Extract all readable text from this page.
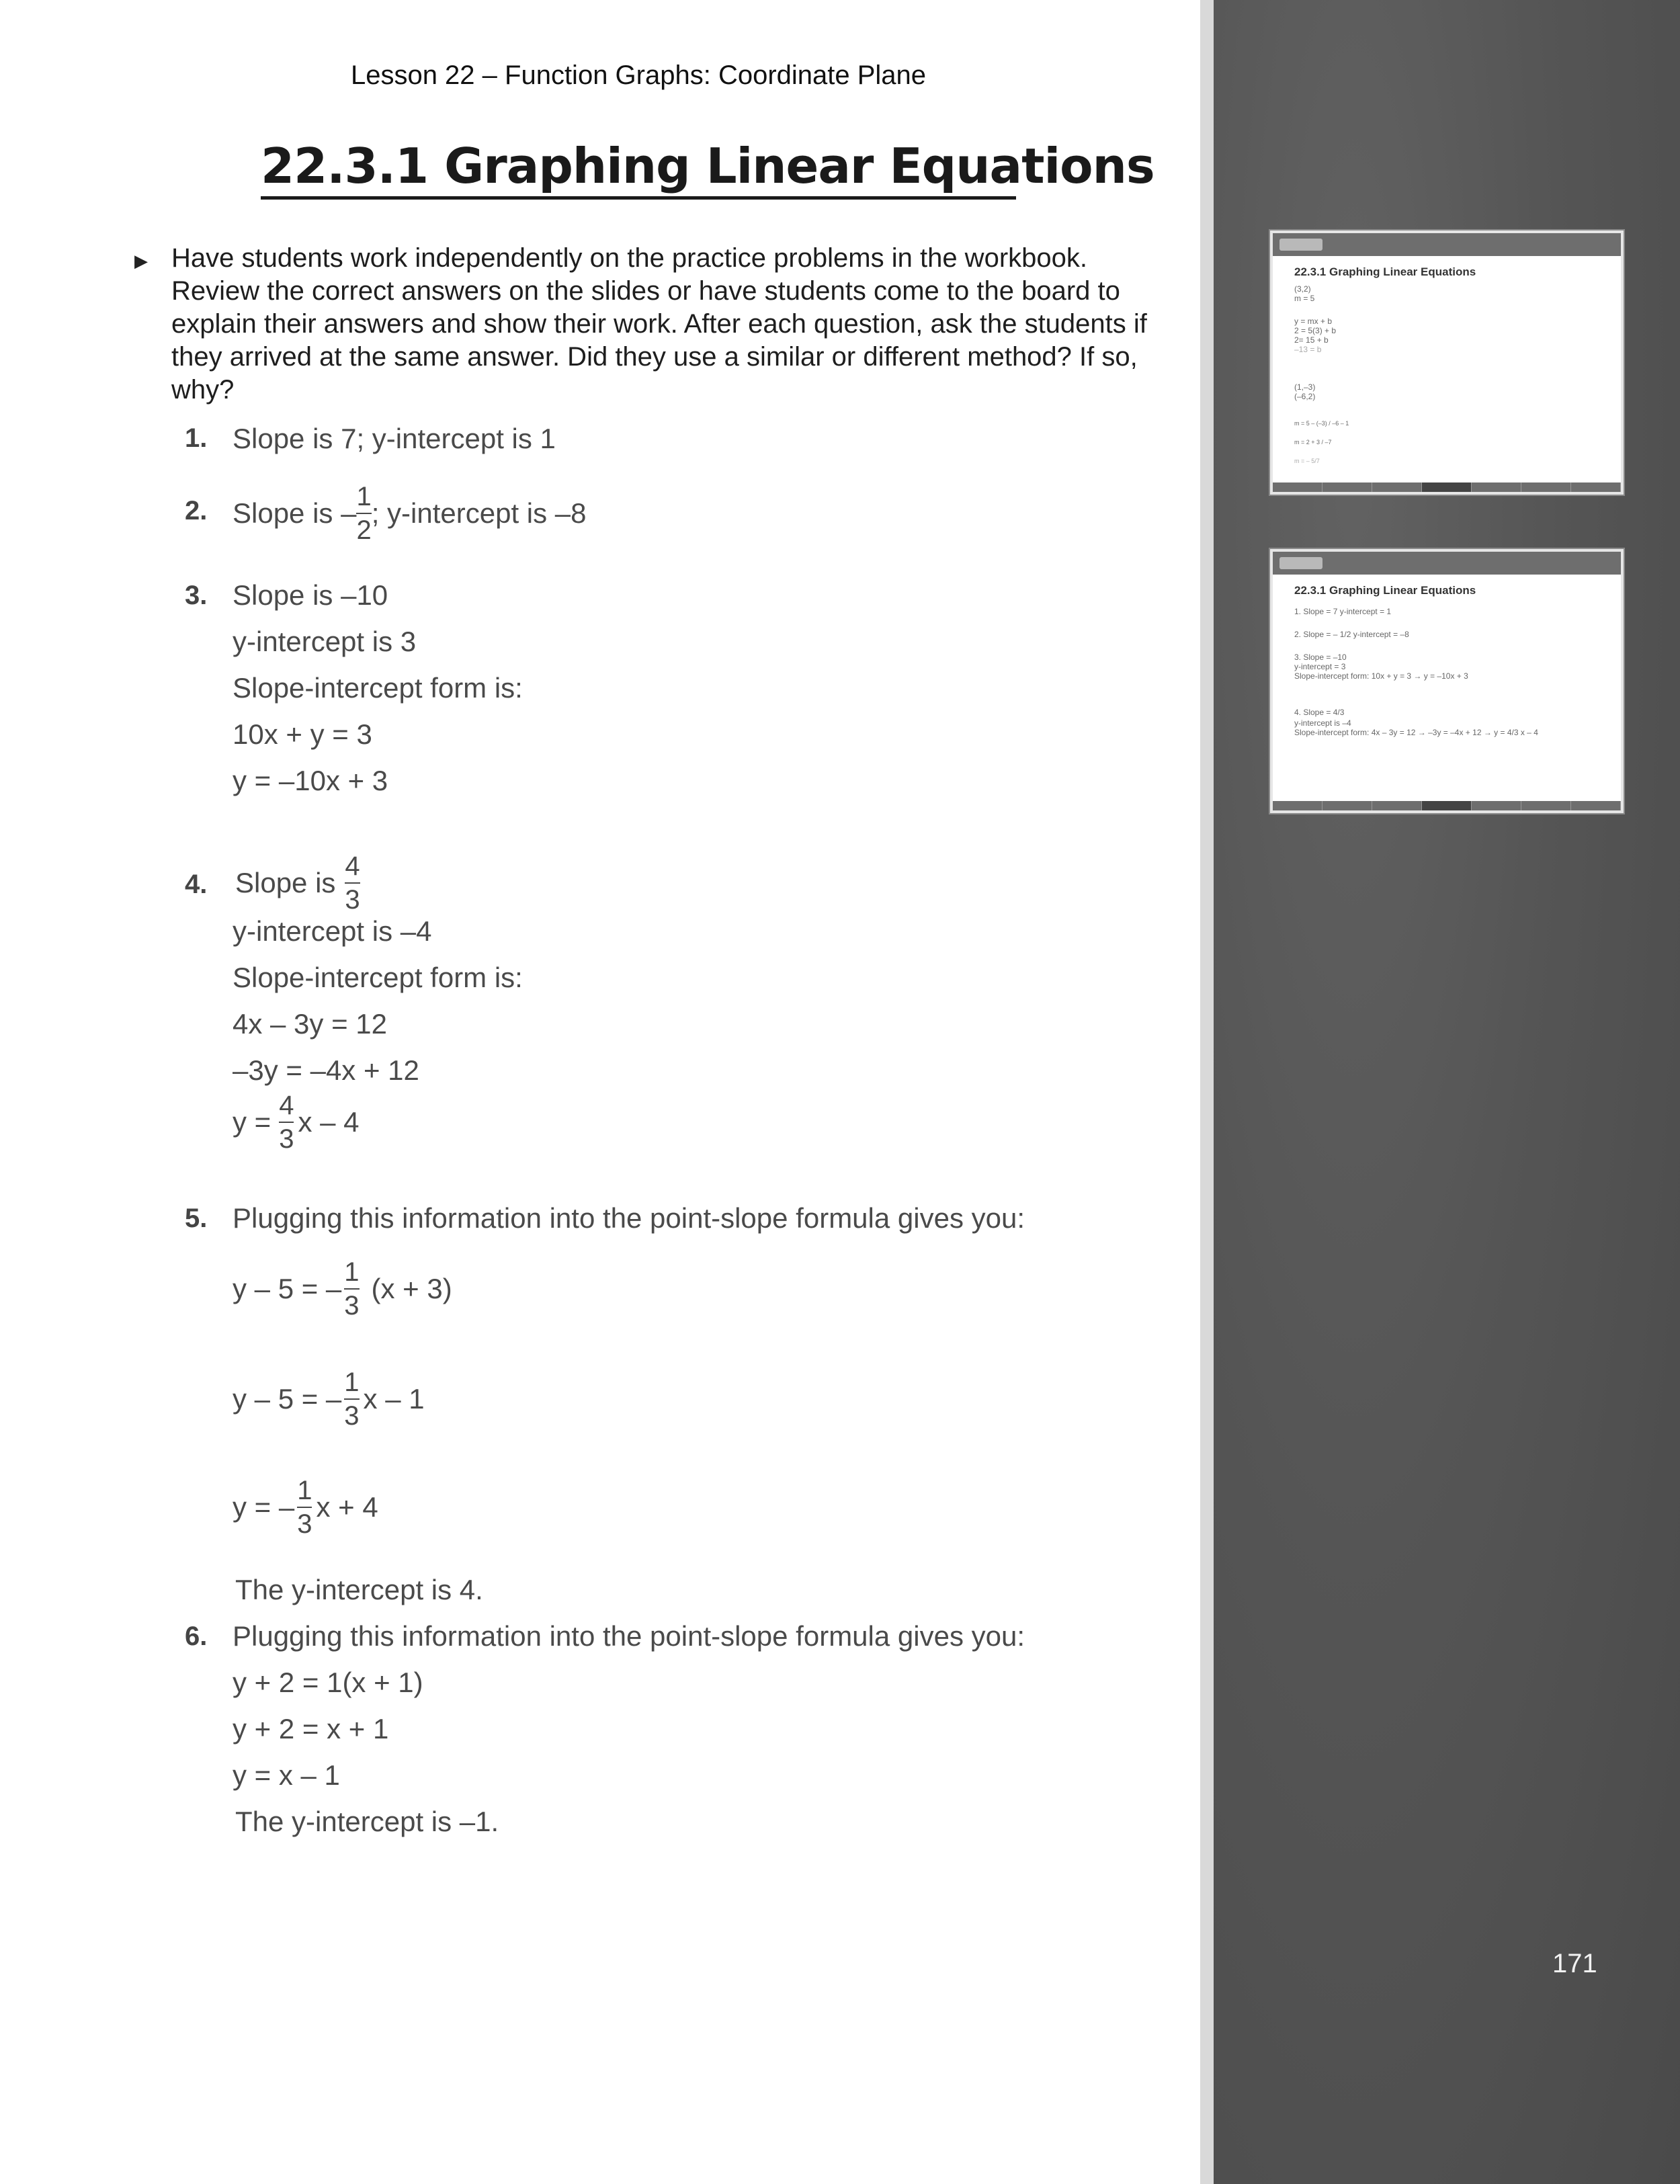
Lesson 22 – Function Graphs: Coordinate Plane
22.3.1 Graphing Linear Equations
▶ Have students work independently on the practice problems in the workbook. Review the correct answers on the slides or have students come to the board to explain their answers and show their work. After each question, ask the students if they arrived at the same answer. Did they use a similar or different method? If so, why?
1. Slope is 7; y-intercept is 1
2. Slope is – $\frac{1}{2}$ ; y-intercept is –8
3. Slope is –10
y-intercept is 3
Slope-intercept form is:
10x + y = 3
y = –10x + 3
4. Slope is $\frac{4}{3}$
y-intercept is –4
Slope-intercept form is:
4x – 3y = 12
–3y = –4x + 12
$y = \frac{4}{3}$ x – 4
5. Plugging this information into the point-slope formula gives you:
y – 5 = – $\frac{1}{3} (x + 3)$
y – 5 = – $\frac{1}{3}$ x – 1
y = – $\frac{1}{3}$ x + 4
The y-intercept is 4.
6. Plugging this information into the point-slope formula gives you:
y + 2 = 1(x + 1)
y + 2 = x + 1
y = x – 1
The y-intercept is –1.
22.3.1 Graphing Linear Equations
(3,2)
m = 5
y = mx + b
2 = 5(3) + b
2= 15 + b
–13 = b
(1,–3)
(–6,2)
m = 5 – (–3) / –6 – 1
m = 2 + 3 / –7
m = – 5/7
22.3.1 Graphing Linear Equations
1. Slope = 7 y-intercept = 1
2. Slope = – 1/2 y-intercept = –8
3. Slope = –10
y-intercept = 3
Slope-intercept form: 10x + y = 3 → y = –10x + 3
4. Slope = 4/3
y-intercept is –4
Slope-intercept form: 4x – 3y = 12 → –3y = –4x + 12 → y = 4/3 x – 4
171
